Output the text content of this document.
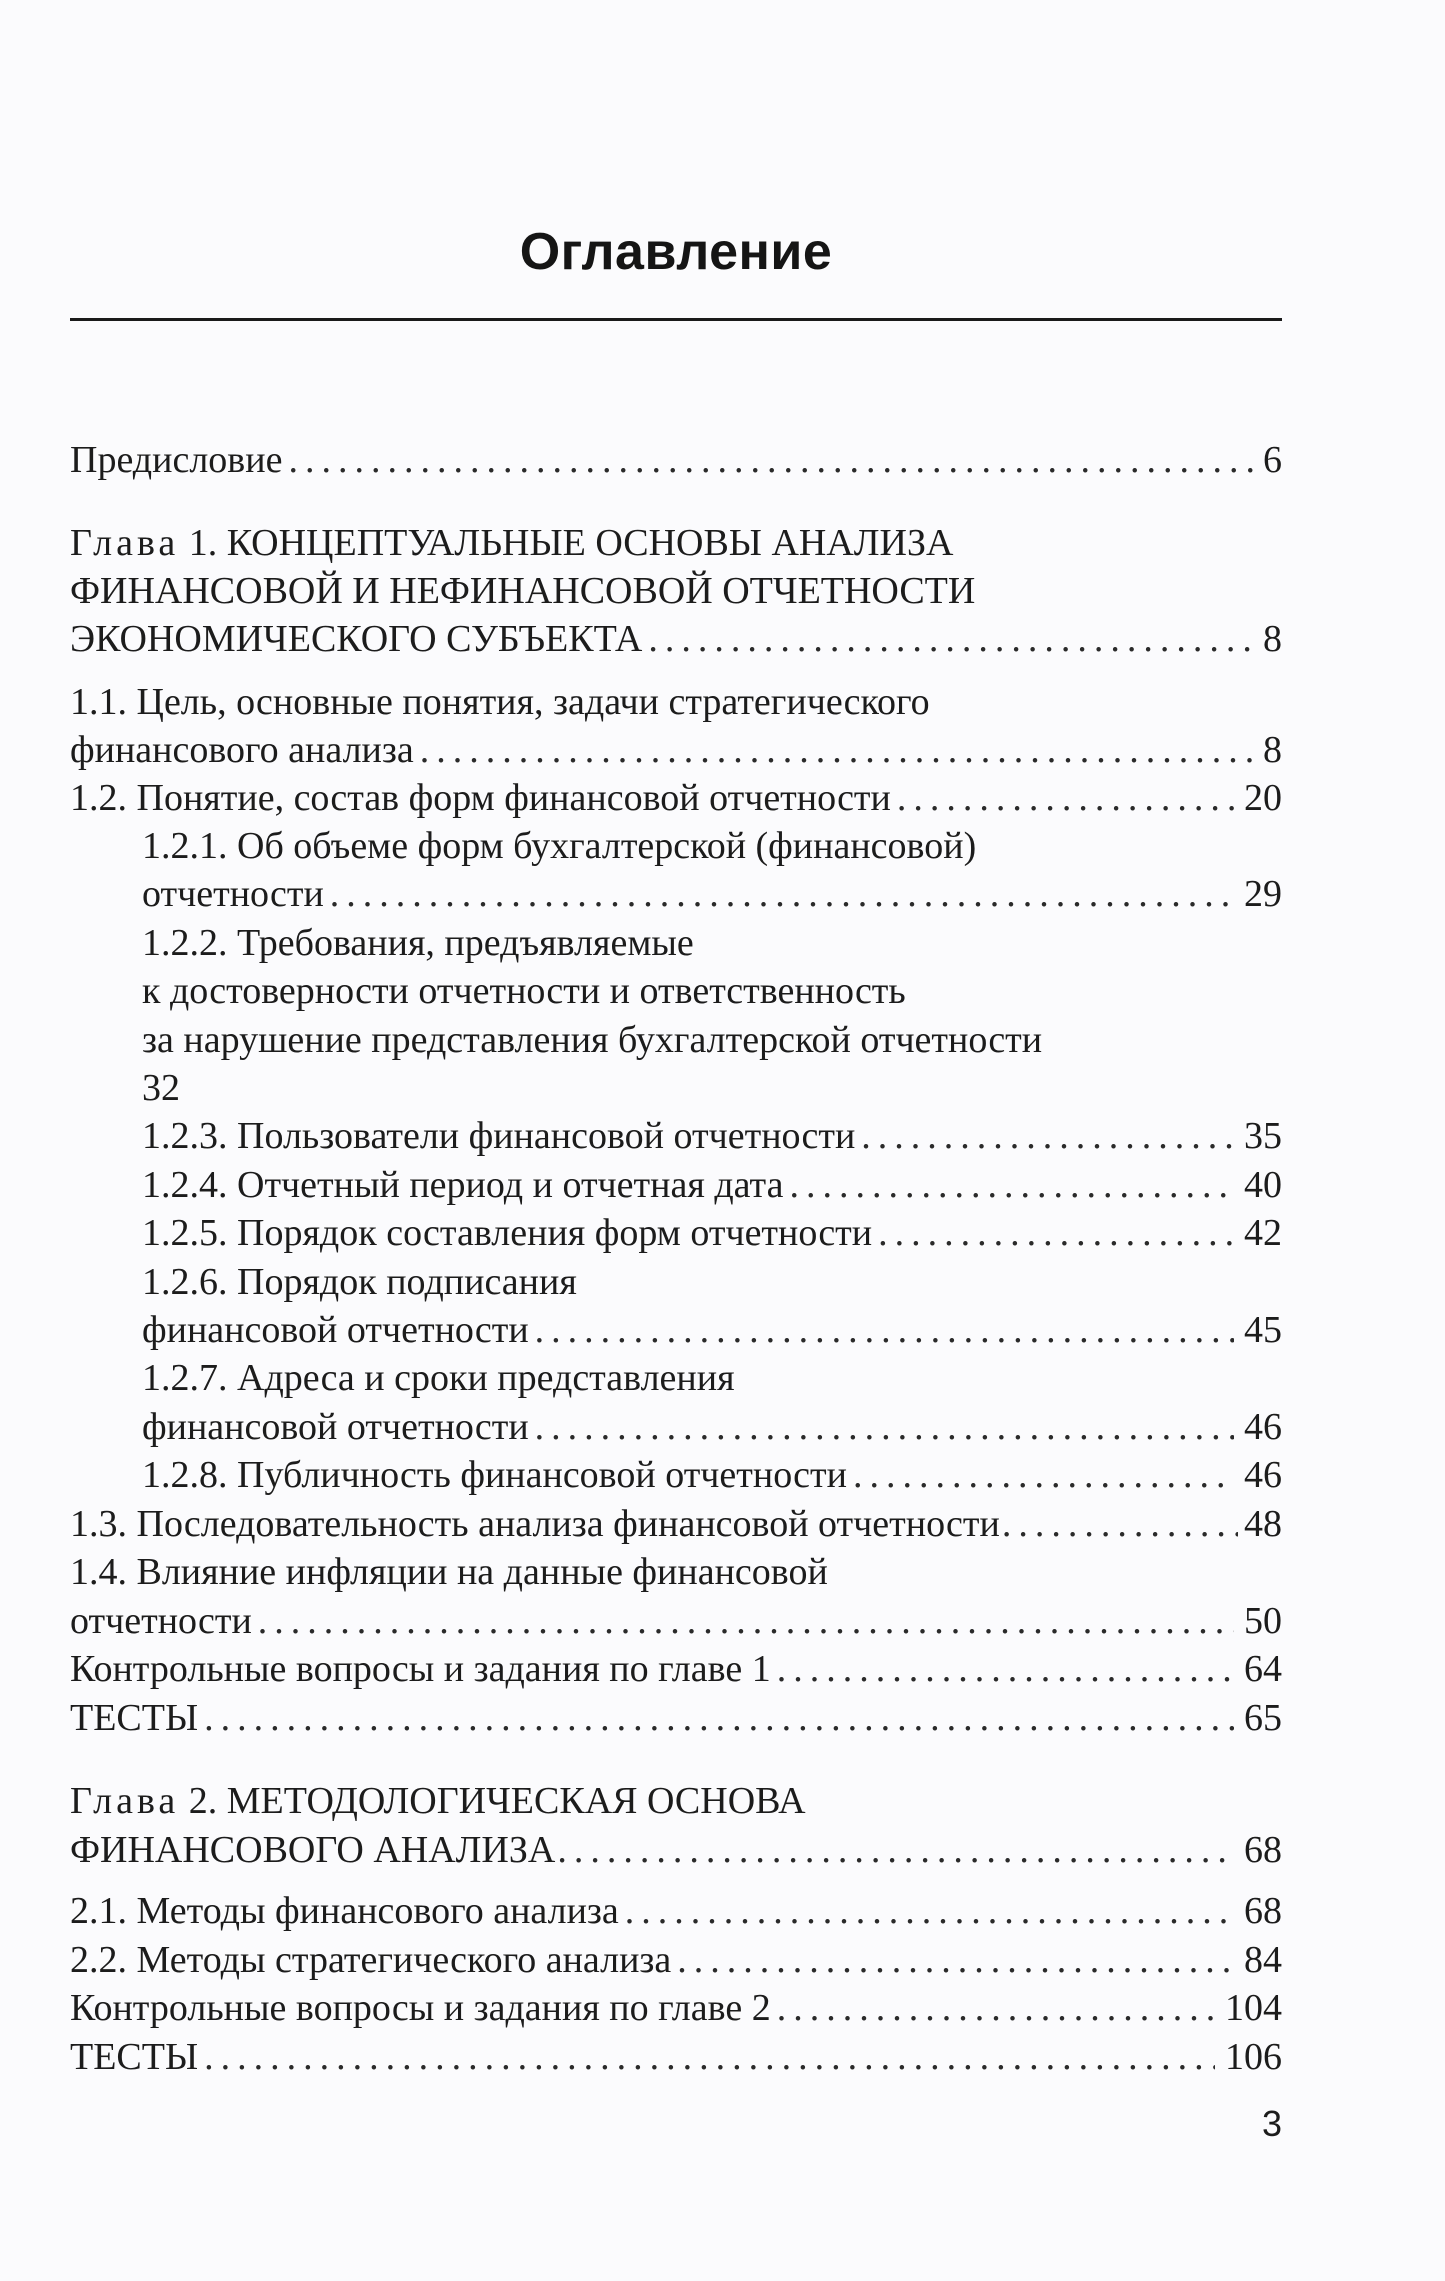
Оглавление
Предисловие .....	6
Глава 1. КОНЦЕПТУАЛЬНЫЕ ОСНОВЫ АНАЛИЗА
ФИНАНСОВОЙ И НЕФИНАНСОВОЙ ОТЧЕТНОСТИ
ЭКОНОМИЧЕСКОГО СУБЪЕКТА .....	8
1.1. Цель, основные понятия, задачи стратегического
финансового анализа .....	8
1.2. Понятие, состав форм финансовой отчетности .....	20
1.2.1. Об объеме форм бухгалтерской (финансовой)
отчетности .....	29
1.2.2. Требования, предъявляемые
к достоверности отчетности и ответственность
за нарушение представления бухгалтерской отчетности
32
1.2.3. Пользователи финансовой отчетности .....	35
1.2.4. Отчетный период и отчетная дата .....	40
1.2.5. Порядок составления форм отчетности .....	42
1.2.6. Порядок подписания
финансовой отчетности .....	45
1.2.7. Адреса и сроки представления
финансовой отчетности .....	46
1.2.8. Публичность финансовой отчетности .....	46
1.3. Последовательность анализа финансовой отчетности .....	48
1.4. Влияние инфляции на данные финансовой
отчетности .....	50
Контрольные вопросы и задания по главе 1 .....	64
ТЕСТЫ .....	65
Глава 2. МЕТОДОЛОГИЧЕСКАЯ ОСНОВА
ФИНАНСОВОГО АНАЛИЗА .....	68
2.1. Методы финансового анализа .....	68
2.2. Методы стратегического анализа .....	84
Контрольные вопросы и задания по главе 2 .....	104
ТЕСТЫ .....	106
3
